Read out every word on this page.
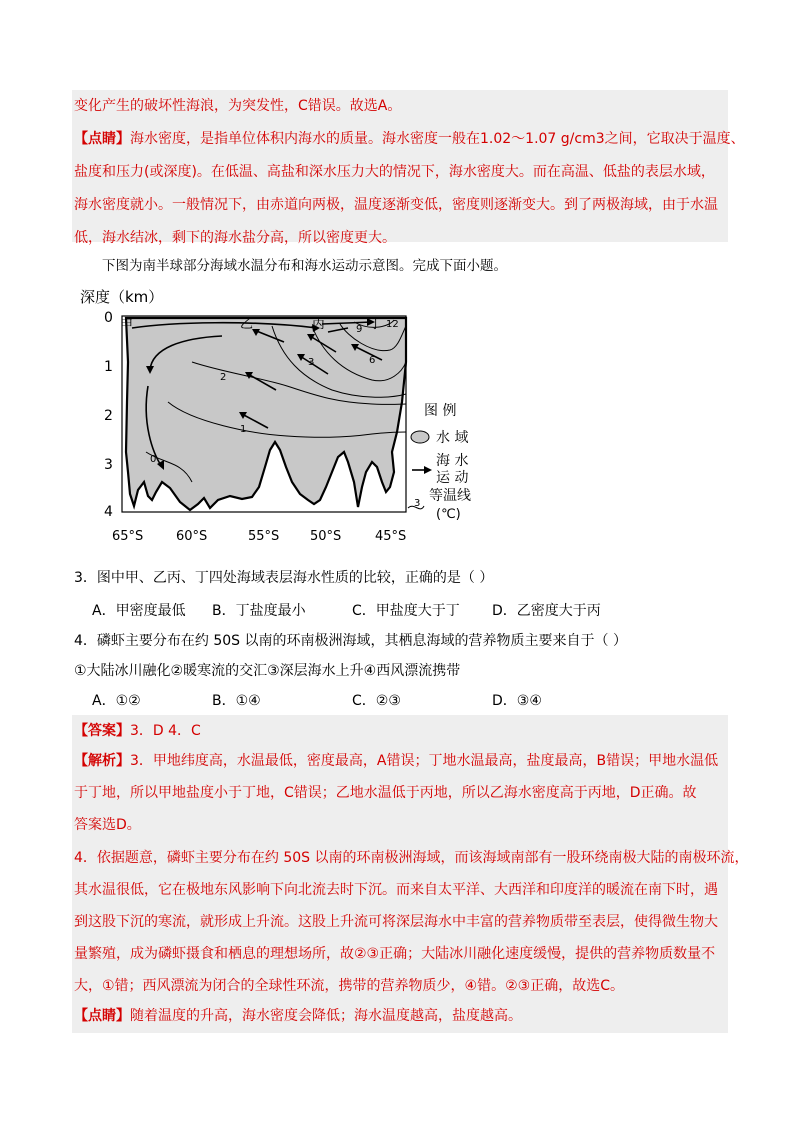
变化产生的破坏性海浪，为突发性，C错误。故选A。
【点睛】海水密度，是指单位体积内海水的质量。海水密度一般在1.02～1.07 g/cm3之间，它取决于温度、
盐度和压力(或深度)。在低温、高盐和深水压力大的情况下，海水密度大。而在高温、低盐的表层水域，
海水密度就小。一般情况下，由赤道向两极，温度逐渐变低，密度则逐渐变大。到了两极海域，由于水温
低，海水结冰，剩下的海水盐分高，所以密度更大。
下图为南半球部分海域水温分布和海水运动示意图。完成下面小题。
深度（km）
甲	乙	丙	丁 12
9
6
3
2
1
0
0
1
2
3
4
65°S	60°S	55°S 50°S	45°S
图 例
水 域
海 水
运 动
3 等温线
(℃)
3．图中甲、乙丙、丁四处海域表层海水性质的比较，正确的是（ ）
A．甲密度最低 B．丁盐度最小	C．甲盐度大于丁 D．乙密度大于丙
4．磷虾主要分布在约 50S 以南的环南极洲海域，其栖息海域的营养物质主要来自于（ ）
①大陆冰川融化②暖寒流的交汇③深层海水上升④西风漂流携带
A．①②	B．①④	C．②③	D．③④
【答案】3．D 4．C
【解析】3．甲地纬度高，水温最低，密度最高，A错误；丁地水温最高，盐度最高，B错误；甲地水温低
于丁地，所以甲地盐度小于丁地，C错误；乙地水温低于丙地，所以乙海水密度高于丙地，D正确。故
答案选D。
4．依据题意，磷虾主要分布在约 50S 以南的环南极洲海域，而该海域南部有一股环绕南极大陆的南极环流，
其水温很低，它在极地东风影响下向北流去时下沉。而来自太平洋、大西洋和印度洋的暖流在南下时，遇
到这股下沉的寒流，就形成上升流。这股上升流可将深层海水中丰富的营养物质带至表层，使得微生物大
量繁殖，成为磷虾摄食和栖息的理想场所，故②③正确；大陆冰川融化速度缓慢，提供的营养物质数量不
大，①错；西风漂流为闭合的全球性环流，携带的营养物质少，④错。②③正确，故选C。
【点睛】随着温度的升高，海水密度会降低；海水温度越高，盐度越高。
